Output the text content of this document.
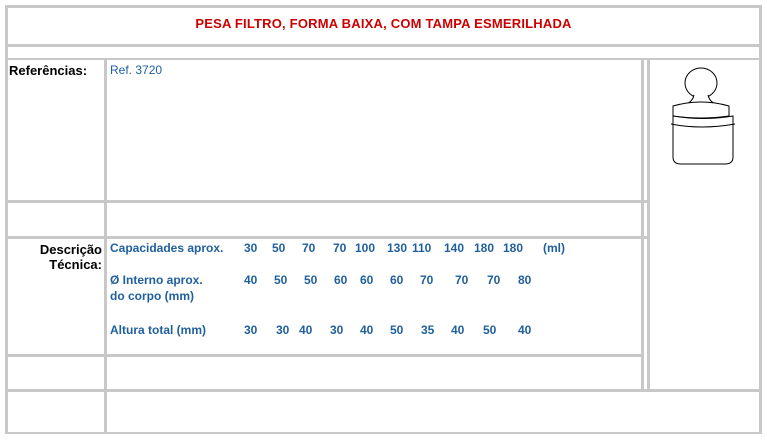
PESA FILTRO, FORMA BAIXA, COM TAMPA ESMERILHADA
Referências:
Descrição
Técnica:
Ref. 3720
Capacidades aprox. 30 50 70 70 100 130 110 140 180 180 (ml)
Ø Interno aprox.
do corpo (mm)
40 50 50 60 60 60 70 70 70 80
Altura total (mm)	30 30 40 30 40 50 35 40 50 40
